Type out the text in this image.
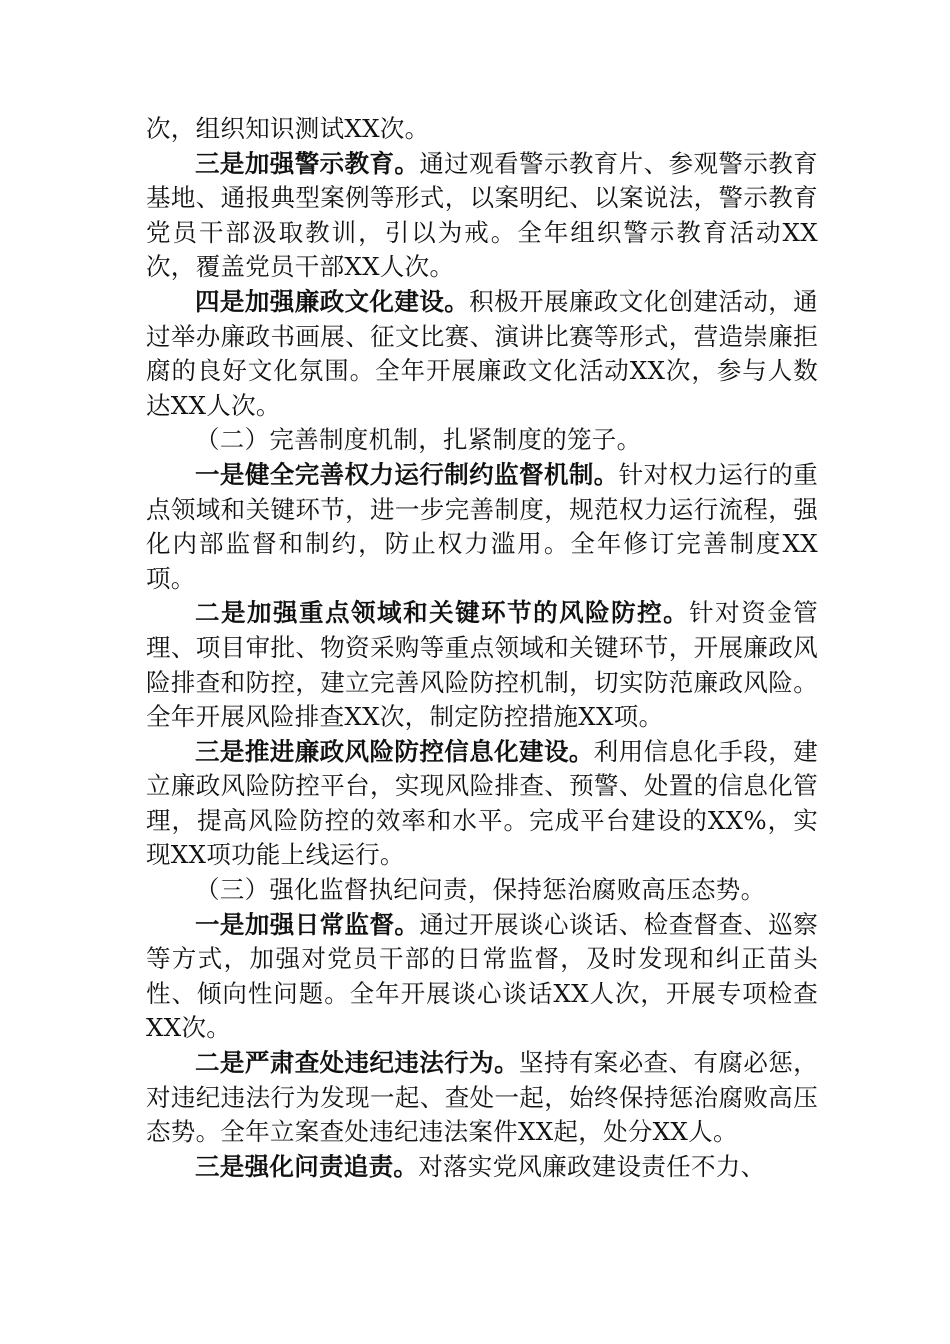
次，组织知识测试XX次。

三是加强警示教育。通过观看警示教育片、参观警示教育基地、通报典型案例等形式，以案明纪、以案说法，警示教育党员干部汲取教训，引以为戒。全年组织警示教育活动XX次，覆盖党员干部XX人次。

四是加强廉政文化建设。积极开展廉政文化创建活动，通过举办廉政书画展、征文比赛、演讲比赛等形式，营造崇廉拒腐的良好文化氛围。全年开展廉政文化活动XX次，参与人数达XX人次。

（二）完善制度机制，扎紧制度的笼子。

一是健全完善权力运行制约监督机制。针对权力运行的重点领域和关键环节，进一步完善制度，规范权力运行流程，强化内部监督和制约，防止权力滥用。全年修订完善制度XX项。

二是加强重点领域和关键环节的风险防控。针对资金管理、项目审批、物资采购等重点领域和关键环节，开展廉政风险排查和防控，建立完善风险防控机制，切实防范廉政风险。全年开展风险排查XX次，制定防控措施XX项。

三是推进廉政风险防控信息化建设。利用信息化手段，建立廉政风险防控平台，实现风险排查、预警、处置的信息化管理，提高风险防控的效率和水平。完成平台建设的XX%，实现XX项功能上线运行。

（三）强化监督执纪问责，保持惩治腐败高压态势。

一是加强日常监督。通过开展谈心谈话、检查督查、巡察等方式，加强对党员干部的日常监督，及时发现和纠正苗头性、倾向性问题。全年开展谈心谈话XX人次，开展专项检查XX次。

二是严肃查处违纪违法行为。坚持有案必查、有腐必惩，对违纪违法行为发现一起、查处一起，始终保持惩治腐败高压态势。全年立案查处违纪违法案件XX起，处分XX人。

三是强化问责追责。对落实党风廉政建设责任不力、
